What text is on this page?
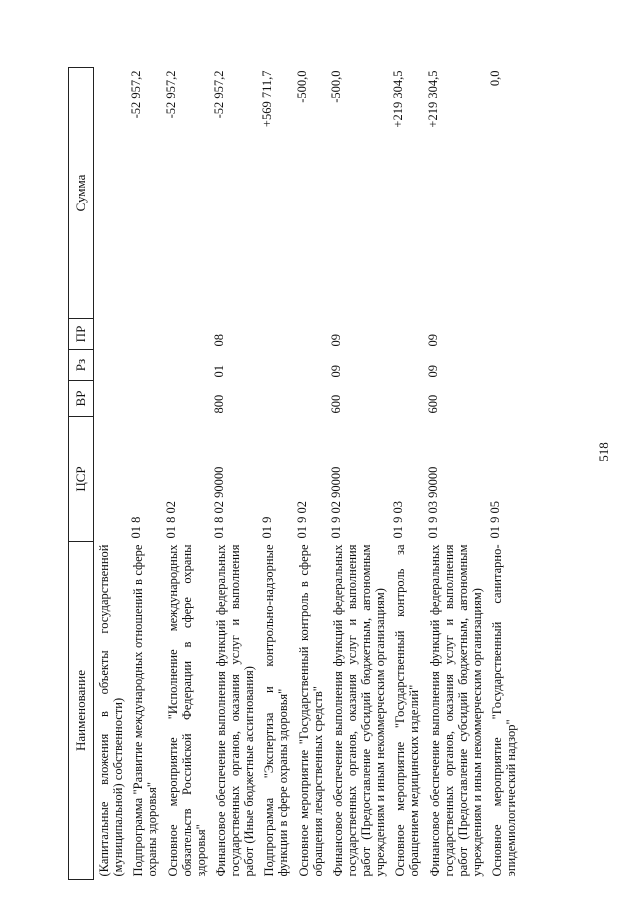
518
Наименование	ЦСР	ВР	Рз	ПР	Сумма
(Капитальные вложения в объекты государственной (муниципальной) собственности)					
Подпрограмма "Развитие международных отношений в сфере охраны здоровья"	01 8				-52 957,2
Основное мероприятие "Исполнение международных обязательств Российской Федерации в сфере охраны здоровья"	01 8 02				-52 957,2
Финансовое обеспечение выполнения функций федеральных государственных органов, оказания услуг и выполнения работ (Иные бюджетные ассигнования)	01 8 02 90000	800	01	08	-52 957,2
Подпрограмма "Экспертиза и контрольно-надзорные функции в сфере охраны здоровья"	01 9				+569 711,7
Основное мероприятие "Государственный контроль в сфере обращения лекарственных средств"	01 9 02				-500,0
Финансовое обеспечение выполнения функций федеральных государственных органов, оказания услуг и выполнения работ (Предоставление субсидий бюджетным, автономным учреждениям и иным некоммерческим организациям)	01 9 02 90000	600	09	09	-500,0
Основное мероприятие "Государственный контроль за обращением медицинских изделий"	01 9 03				+219 304,5
Финансовое обеспечение выполнения функций федеральных государственных органов, оказания услуг и выполнения работ (Предоставление субсидий бюджетным, автономным учреждениям и иным некоммерческим организациям)	01 9 03 90000	600	09	09	+219 304,5
Основное мероприятие "Государственный санитарно-эпидемиологический надзор"	01 9 05				0,0
